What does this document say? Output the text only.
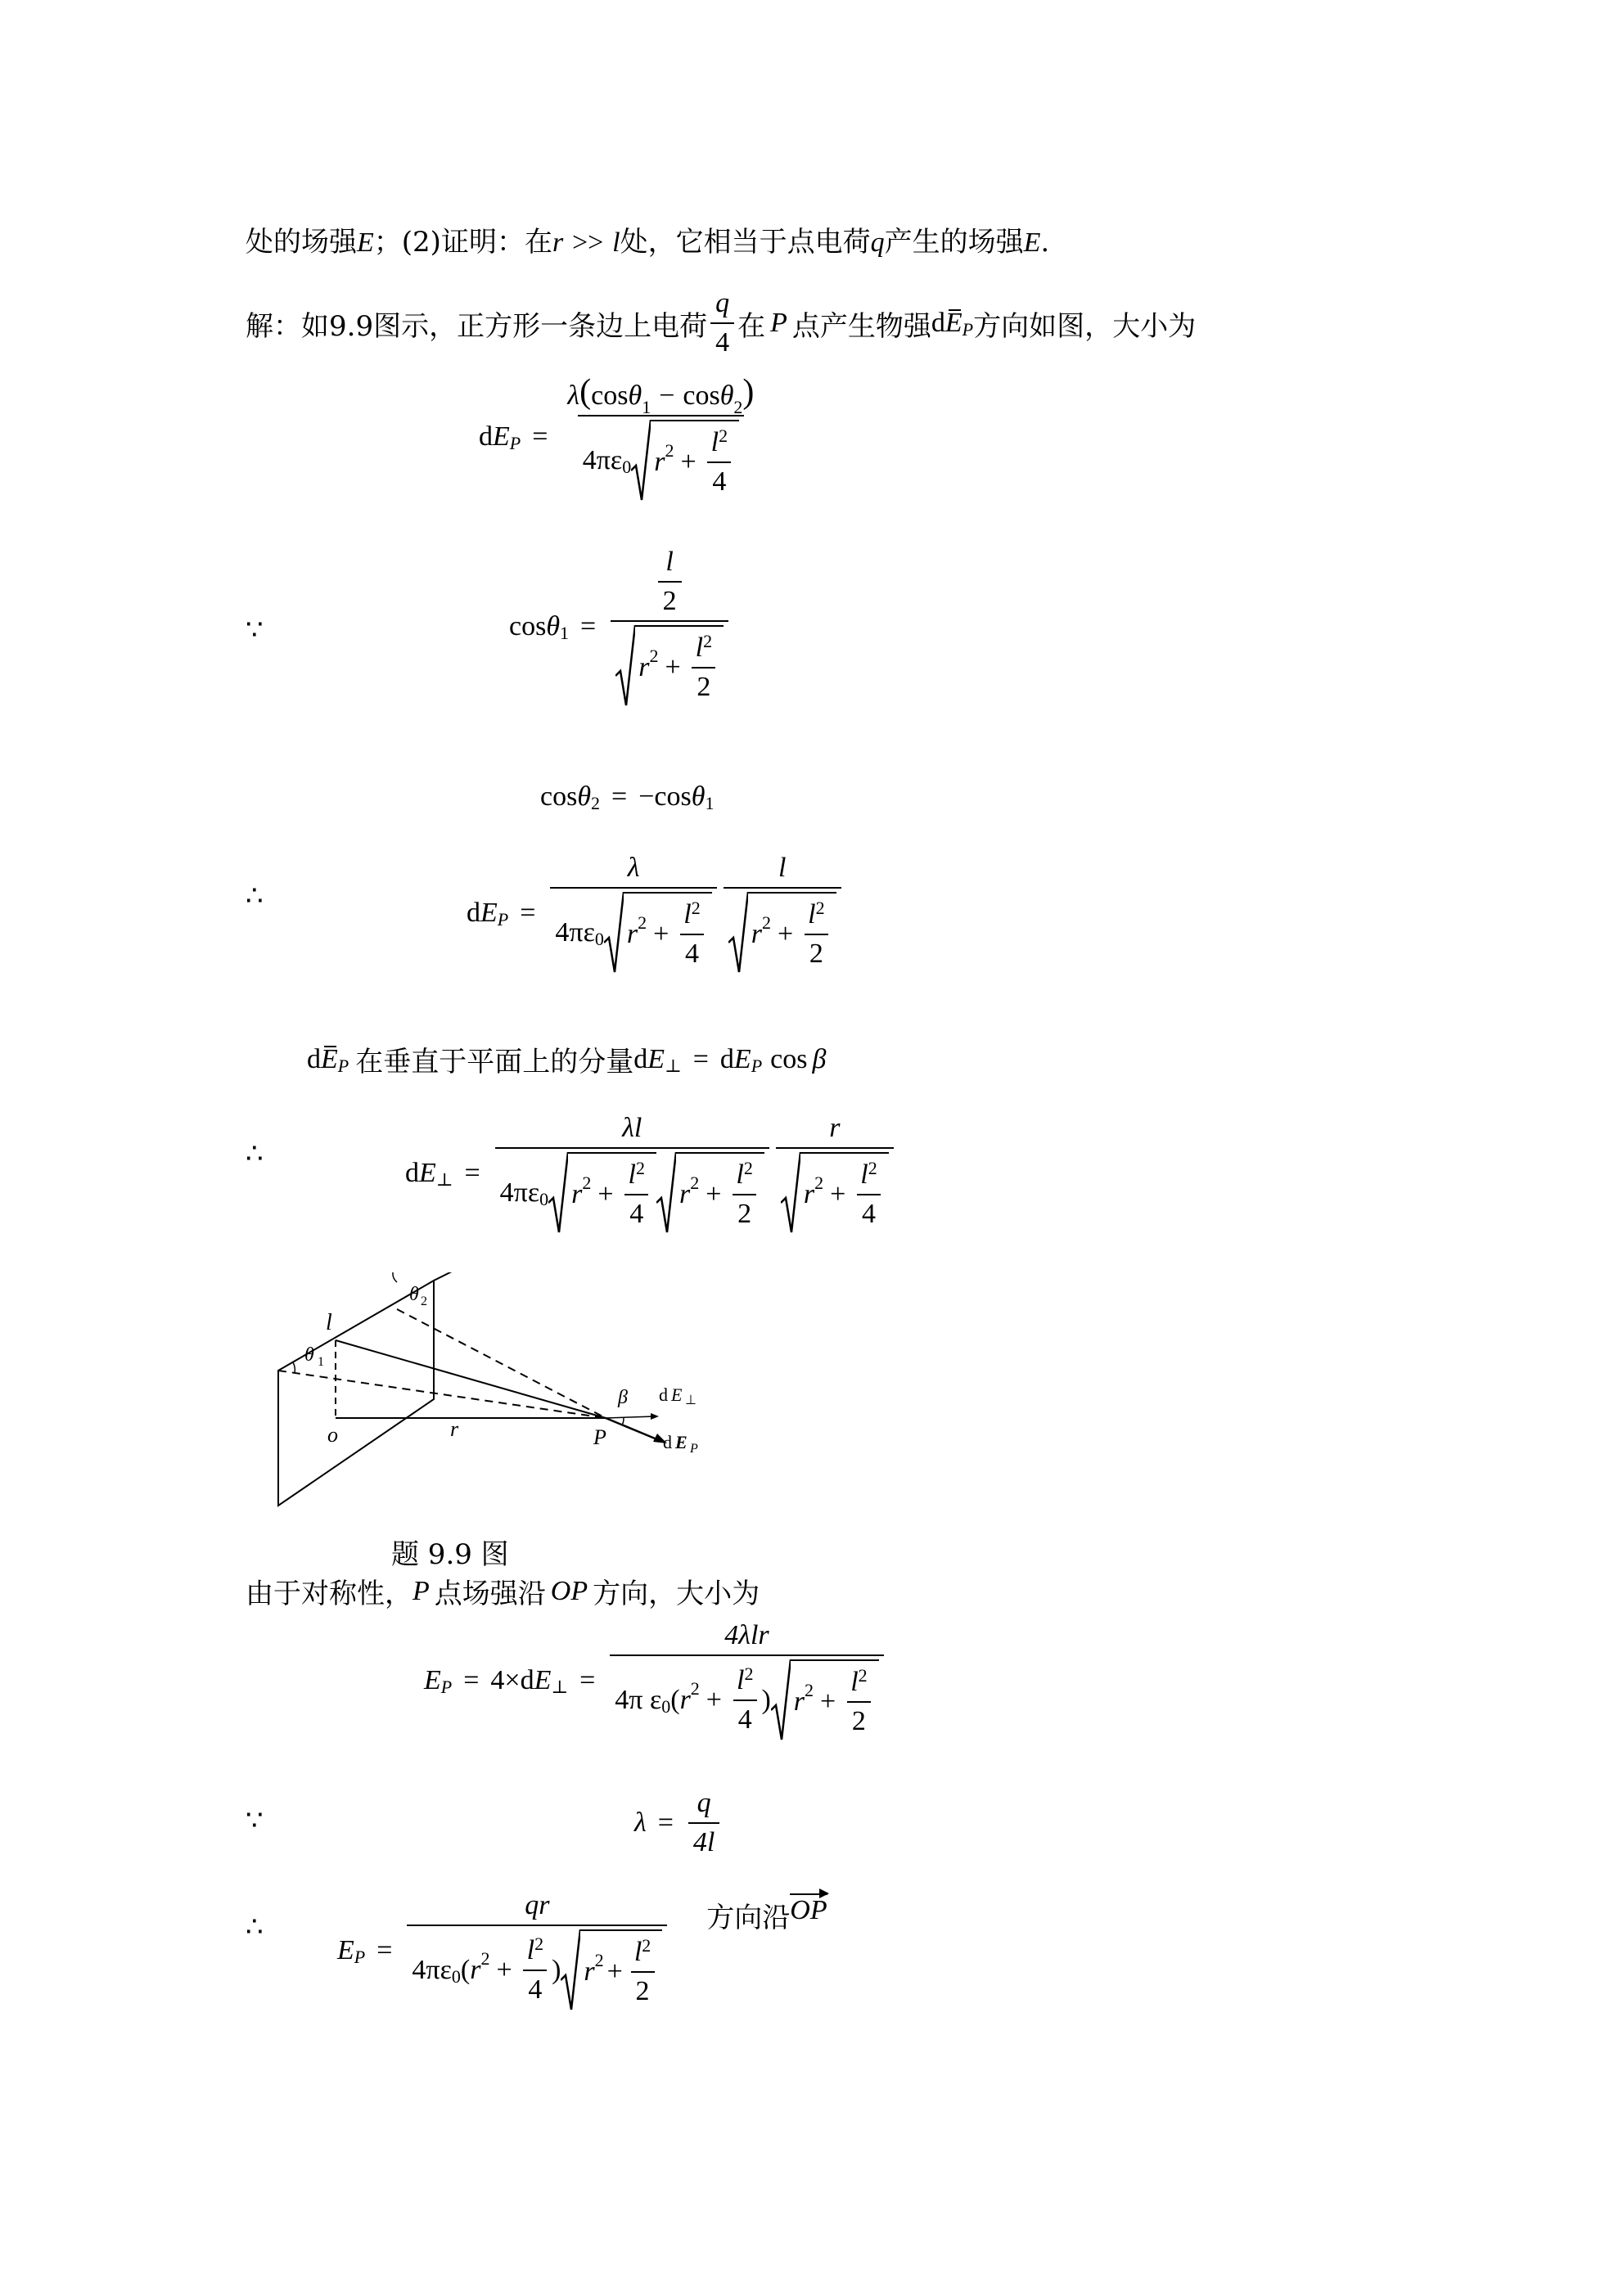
处的场强E；(2)证明：在r >> l处，它相当于点电荷q产生的场强E.
解：如9.9图示，正方形一条边上电荷 $\frac{q}{4}$ 在 P 点产生物强 d E P 方向如图，大小为
d E $P = \frac{\text{λ ( cos θ 1 − cos θ 2 )}}{4\pi\varepsilon 0 r 2 + \frac{l 2}{4}}$
∵	cos θ $1 = \frac{\frac{l}{2}}{r 2 + \frac{l 2}{2}}$
cos θ 2 = − cos θ 1
∴
d E $P = \frac{\lambda}{4\pi\varepsilon 0 r 2 + \frac{l 2}{4}} \frac{l}{r 2 + \frac{l 2}{2}}$
d E P 在垂直于平面上的分量 d E ⊥ = d E P cos β
∴
d E ⊥ =
λl
4πε 0 r $2 + \frac{l 2}{4}$ r $2 + \frac{l 2}{2} \frac{r}{r 2 + \frac{l 2}{4}}$
l
θ 1
θ 2
o	r	P
β d E ⊥
d E P
题 9.9 图
由于对称性， P 点场强沿 OP 方向，大小为
E P = 4 × d E ⊥ =
4λlr
4π ε 0 ( r $2 + \frac{l 2}{4}$ ) r $2 + \frac{l 2}{2}$
∵	$\lambda = \frac{q}{4l}$
∴
E P =
qr
4πε 0 ( r $2 + \frac{l 2}{4}$ ) r $2 + \frac{l 2}{2}$
方向沿 OP
